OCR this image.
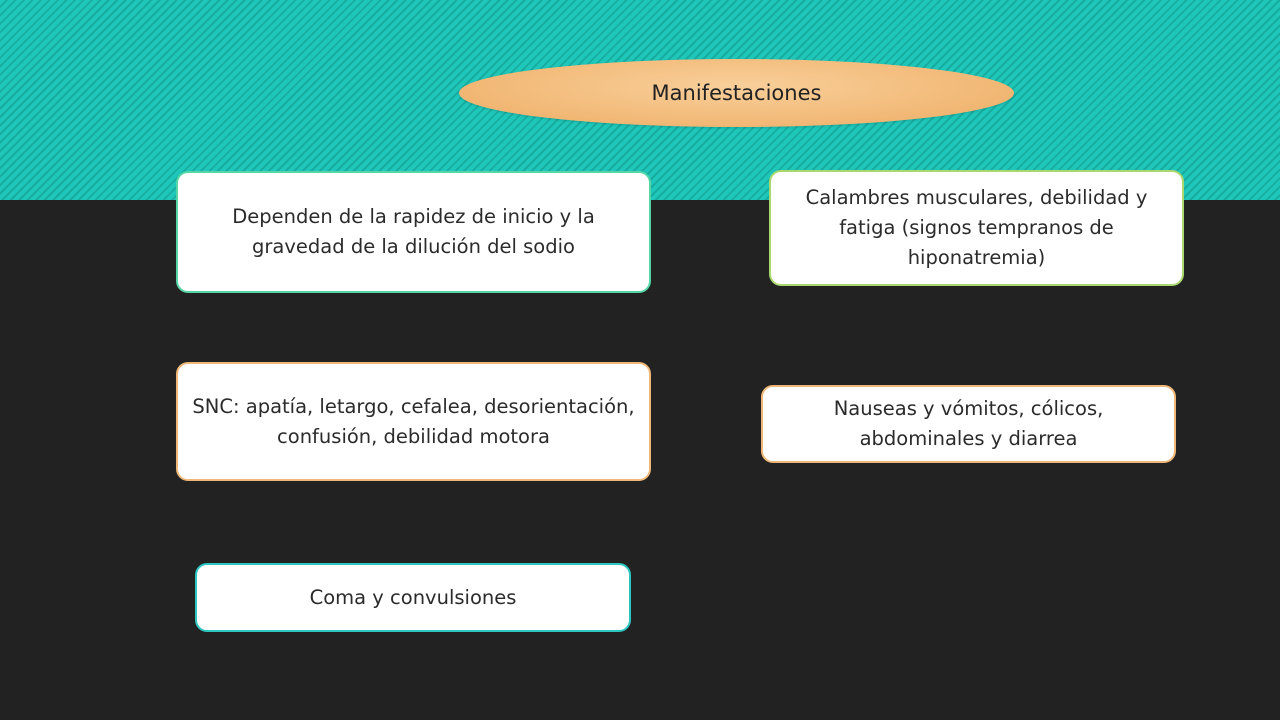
Manifestaciones
Dependen de la rapidez de inicio y la gravedad de la dilución del sodio
Calambres musculares, debilidad y fatiga (signos tempranos de hiponatremia)
SNC: apatía, letargo, cefalea, desorientación, confusión, debilidad motora
Nauseas y vómitos, cólicos, abdominales y diarrea
Coma y convulsiones
